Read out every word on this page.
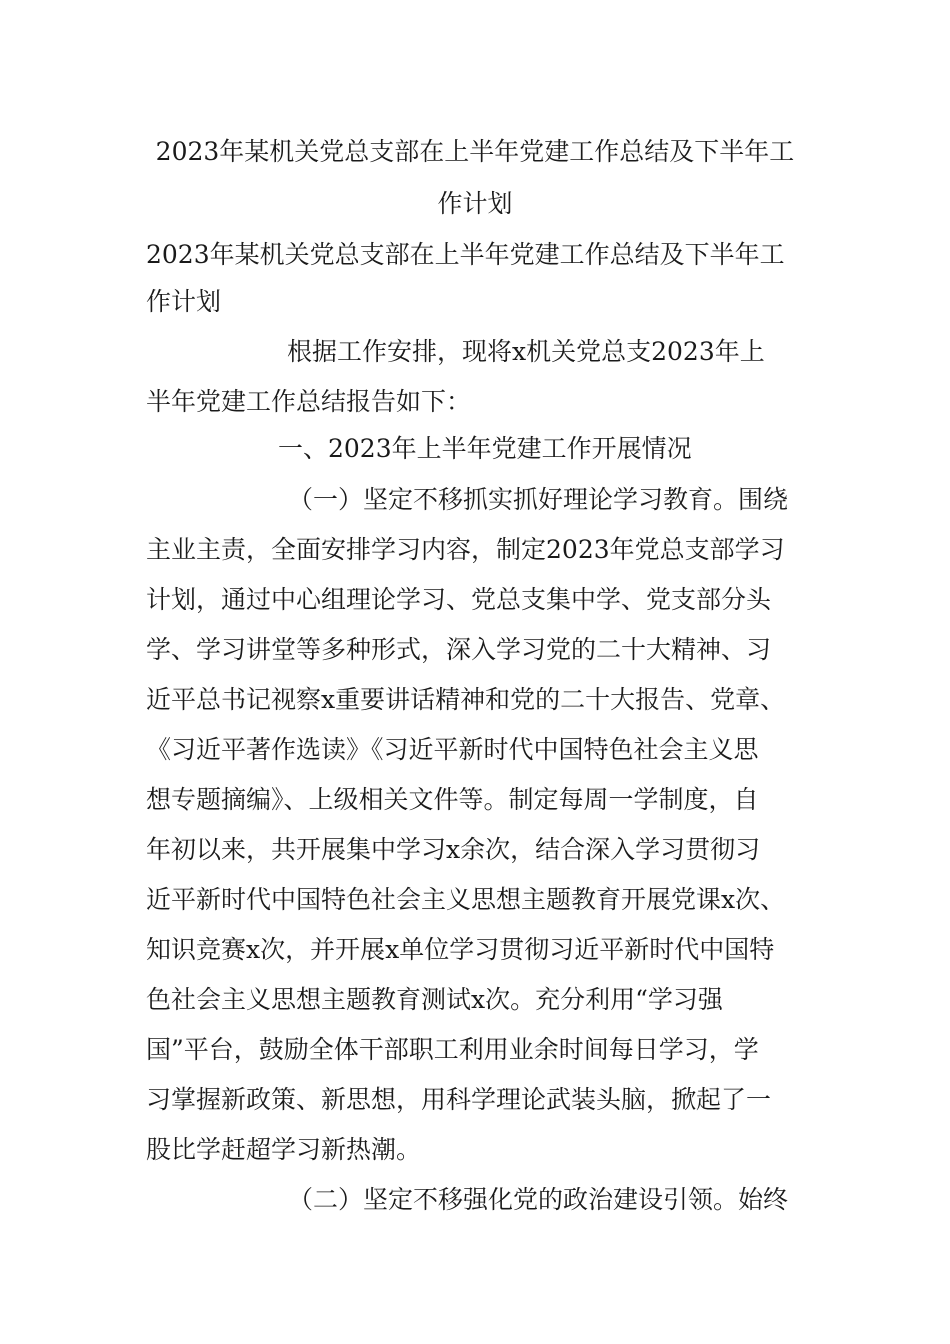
2023年某机关党总支部在上半年党建工作总结及下半年工
作计划

2023年某机关党总支部在上半年党建工作总结及下半年工

作计划

根据工作安排，现将x机关党总支2023年上

半年党建工作总结报告如下：

一、2023年上半年党建工作开展情况

（一）坚定不移抓实抓好理论学习教育。围绕

主业主责，全面安排学习内容，制定2023年党总支部学习

计划，通过中心组理论学习、党总支集中学、党支部分头

学、学习讲堂等多种形式，深入学习党的二十大精神、习

近平总书记视察x重要讲话精神和党的二十大报告、党章、

《习近平著作选读》《习近平新时代中国特色社会主义思

想专题摘编》、上级相关文件等。制定每周一学制度，自

年初以来，共开展集中学习x余次，结合深入学习贯彻习

近平新时代中国特色社会主义思想主题教育开展党课x次、

知识竞赛x次，并开展x单位学习贯彻习近平新时代中国特

色社会主义思想主题教育测试x次。充分利用“学习强

国”平台，鼓励全体干部职工利用业余时间每日学习，学

习掌握新政策、新思想，用科学理论武装头脑，掀起了一

股比学赶超学习新热潮。

（二）坚定不移强化党的政治建设引领。始终
